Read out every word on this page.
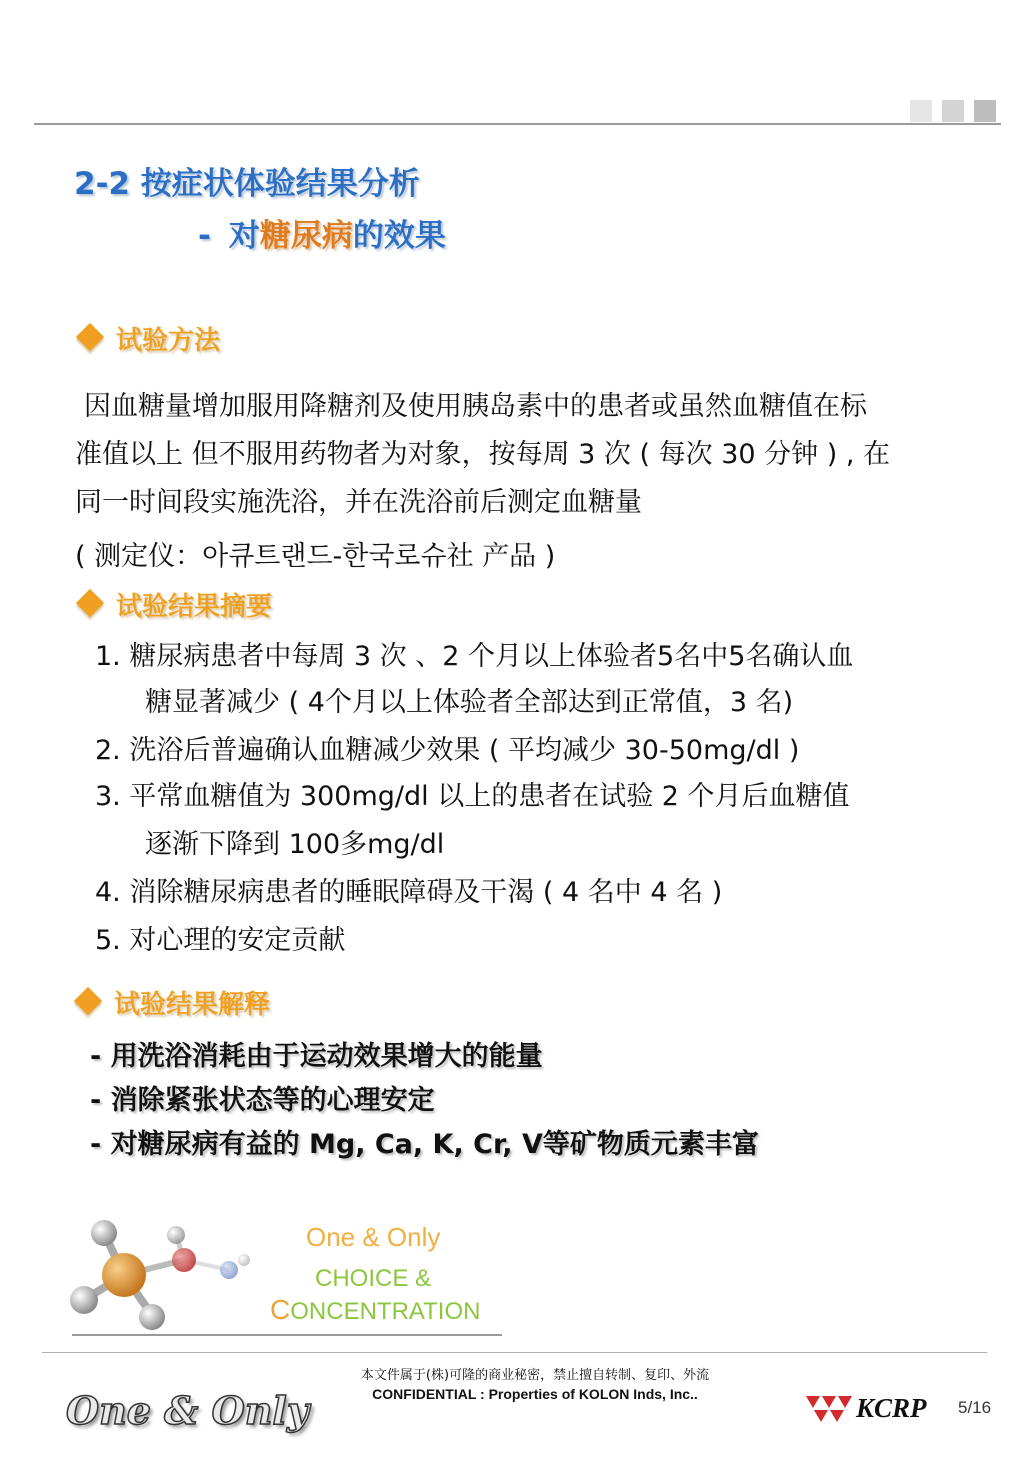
2-2 按症状体验结果分析
- 对糖尿病的效果
试验方法
因血糖量增加服用降糖剂及使用胰岛素中的患者或虽然血糖值在标
准值以上 但不服用药物者为对象，按每周 3 次 ( 每次 30 分钟 ) , 在
同一时间段实施洗浴，并在洗浴前后测定血糖量
( 测定仪：아큐트랜드-한국로슈社 产品 )
试验结果摘要
1. 糖尿病患者中每周 3 次 、2 个月以上体验者5名中5名确认血
糖显著减少 ( 4个月以上体验者全部达到正常值，3 名)
2. 洗浴后普遍确认血糖减少效果 ( 平均减少 30-50mg/dl )
3. 平常血糖值为 300mg/dl 以上的患者在试验 2 个月后血糖值
逐渐下降到 100多mg/dl
4. 消除糖尿病患者的睡眠障碍及干渴 ( 4 名中 4 名 )
5. 对心理的安定贡献
试验结果解释
- 用洗浴消耗由于运动效果增大的能量
- 消除紧张状态等的心理安定
- 对糖尿病有益的 Mg, Ca, K, Cr, V等矿物质元素丰富
One & Only
CHOICE &
CONCENTRATION
本文件属于(株)可隆的商业秘密，禁止擅自转制、复印、外流
CONFIDENTIAL : Properties of KOLON Inds, Inc..
One & Only	KCRP 5/16
